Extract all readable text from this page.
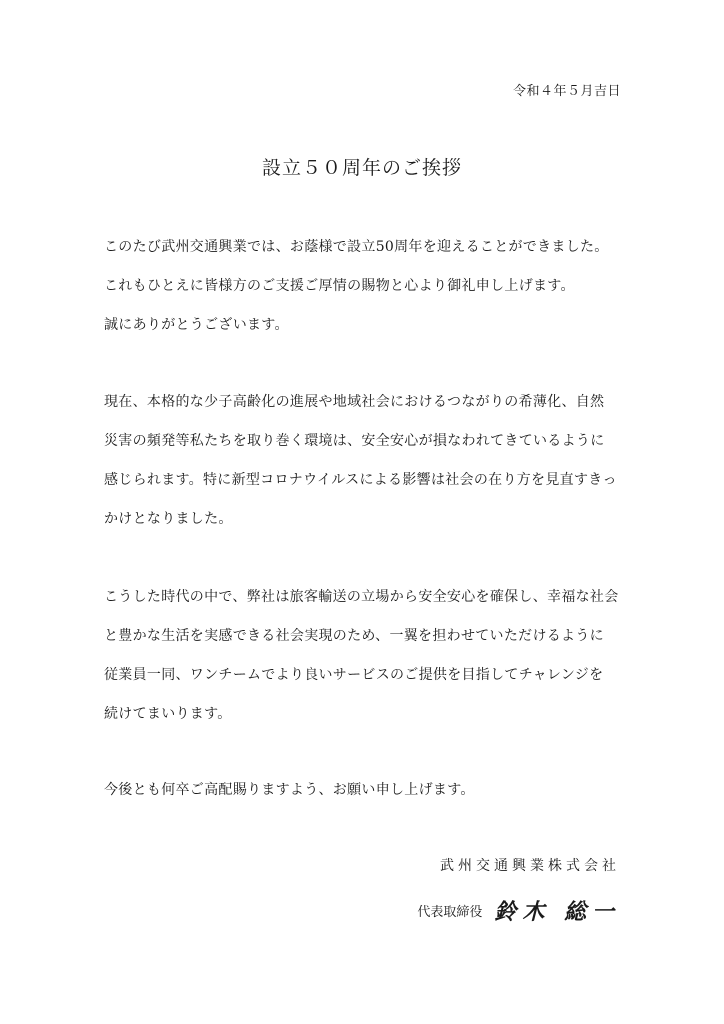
令和４年５月吉日
設立５０周年のご挨拶
このたび武州交通興業では、お蔭様で設立50周年を迎えることができました。
これもひとえに皆様方のご支援ご厚情の賜物と心より御礼申し上げます。
誠にありがとうございます。
現在、本格的な少子高齢化の進展や地域社会におけるつながりの希薄化、自然
災害の頻発等私たちを取り巻く環境は、安全安心が損なわれてきているように
感じられます。特に新型コロナウイルスによる影響は社会の在り方を見直すきっ
かけとなりました。
こうした時代の中で、弊社は旅客輸送の立場から安全安心を確保し、幸福な社会
と豊かな生活を実感できる社会実現のため、一翼を担わせていただけるように
従業員一同、ワンチームでより良いサービスのご提供を目指してチャレンジを
続けてまいります。
今後とも何卒ご高配賜りますよう、お願い申し上げます。
武州交通興業株式会社
代表取締役 鈴木 総一
